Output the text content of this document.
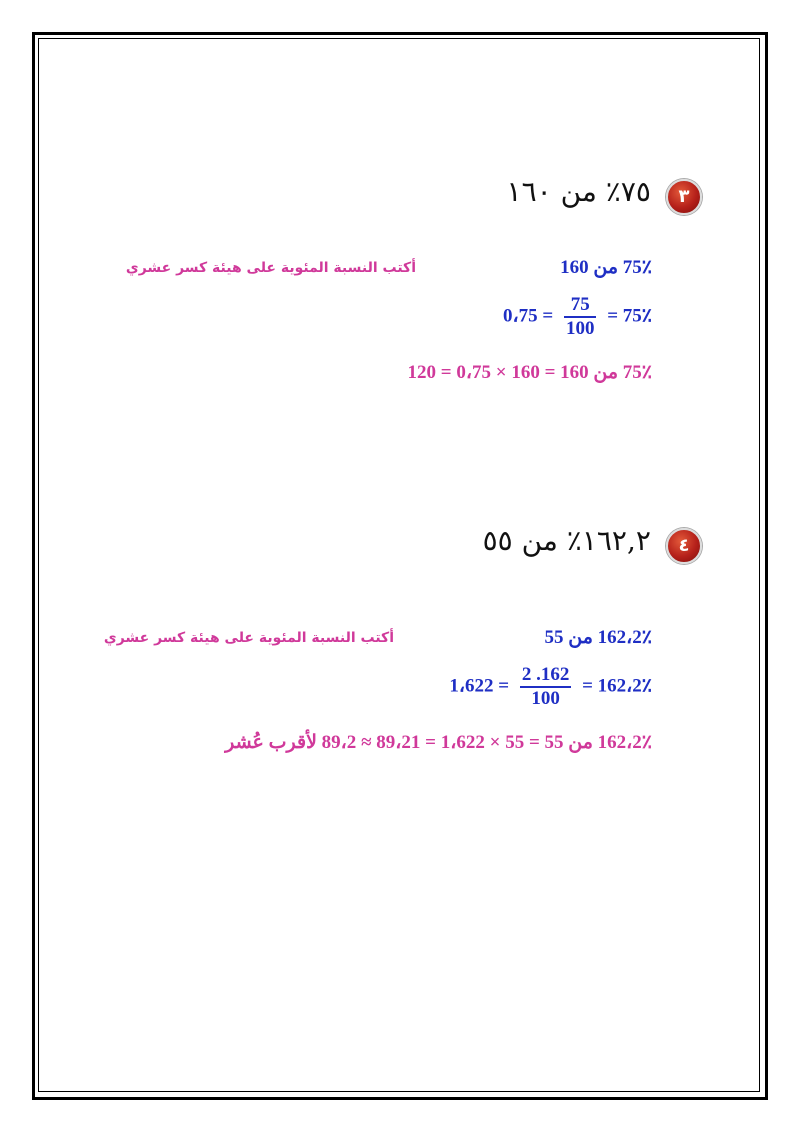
٣ ٧٥٪ من ١٦٠
75٪ من 160
أكتب النسبة المئوية على هيئة كسر عشري
75٪ =
$\frac{75}{100}$
= 0،75
75٪ من 160 = 160 × 0،75 = 120
٤ ١٦٢,٢٪ من ٥٥
162،2٪ من 55
أكتب النسبة المئوية على هيئة كسر عشري
162،2٪ =
$\frac{162. 2}{100}$
= 1،622
162،2٪ من 55 = 55 × 1،622 = 89،21 ≈ 89،2 لأقرب عُشر
